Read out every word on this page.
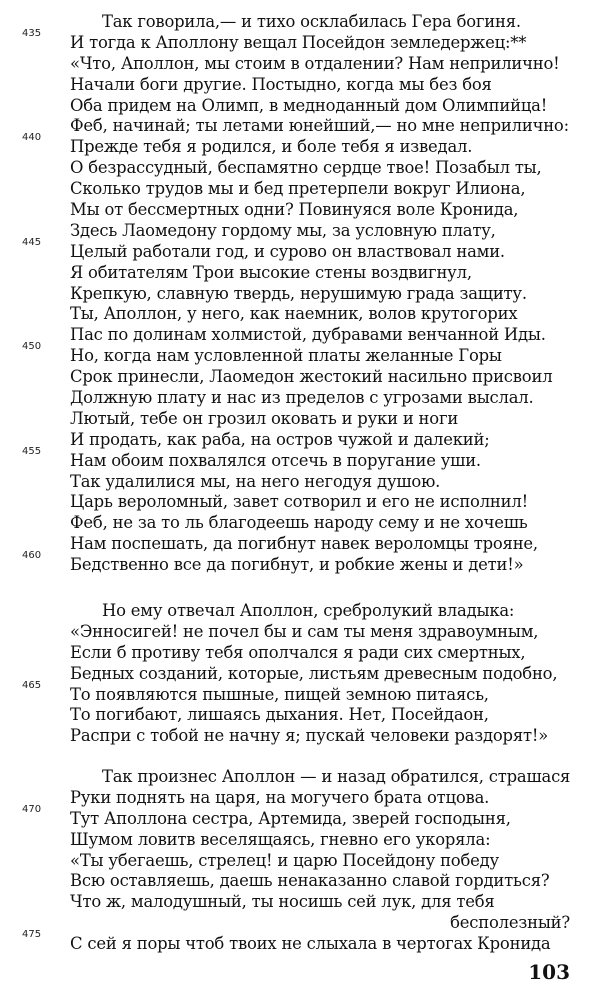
Так говорила,— и тихо осклабилась Гера богиня.
435 И тогда к Аполлону вещал Посейдон земледержец:**
«Что, Аполлон, мы стоим в отдалении? Нам неприлично!
Начали боги другие. Постыдно, когда мы без боя
Оба придем на Олимп, в медноданный дом Олимпийца!
Феб, начинай; ты летами юнейший,— но мне неприлично:
440 Прежде тебя я родился, и боле тебя я изведал.
О безрассудный, беспамятно сердце твое! Позабыл ты,
Сколько трудов мы и бед претерпели вокруг Илиона,
Мы от бессмертных одни? Повинуяся воле Кронида,
Здесь Лаомедону гордому мы, за условную плату,
445 Целый работали год, и сурово он властвовал нами.
Я обитателям Трои высокие стены воздвигнул,
Крепкую, славную твердь, нерушимую града защиту.
Ты, Аполлон, у него, как наемник, волов крутогорих
Пас по долинам холмистой, дубравами венчанной Иды.
450 Но, когда нам условленной платы желанные Горы
Срок принесли, Лаомедон жестокий насильно присвоил
Должную плату и нас из пределов с угрозами выслал.
Лютый, тебе он грозил оковать и руки и ноги
И продать, как раба, на остров чужой и далекий;
455 Нам обоим похвалялся отсечь в поругание уши.
Так удалилися мы, на него негодуя душою.
Царь вероломный, завет сотворил и его не исполнил!
Феб, не за то ль благодеешь народу сему и не хочешь
Нам поспешать, да погибнут навек вероломцы трояне,
460 Бедственно все да погибнут, и робкие жены и дети!»
Но ему отвечал Аполлон, сребролукий владыка:
«Энносигей! не почел бы и сам ты меня здравоумным,
Если б противу тебя ополчался я ради сих смертных,
Бедных созданий, которые, листьям древесным подобно,
465 То появляются пышные, пищей земною питаясь,
То погибают, лишаясь дыхания. Нет, Посейдаон,
Распри с тобой не начну я; пускай человеки раздорят!»
Так произнес Аполлон — и назад обратился, страшася
Руки поднять на царя, на могучего брата отцова.
470 Тут Аполлона сестра, Артемида, зверей господыня,
Шумом ловитв веселящаясь, гневно его укоряла:
«Ты убегаешь, стрелец! и царю Посейдону победу
Всю оставляешь, даешь ненаказанно славой гордиться?
Что ж, малодушный, ты носишь сей лук, для тебя
бесполезный?
475 С сей я поры чтоб твоих не слыхала в чертогах Кронида
103
